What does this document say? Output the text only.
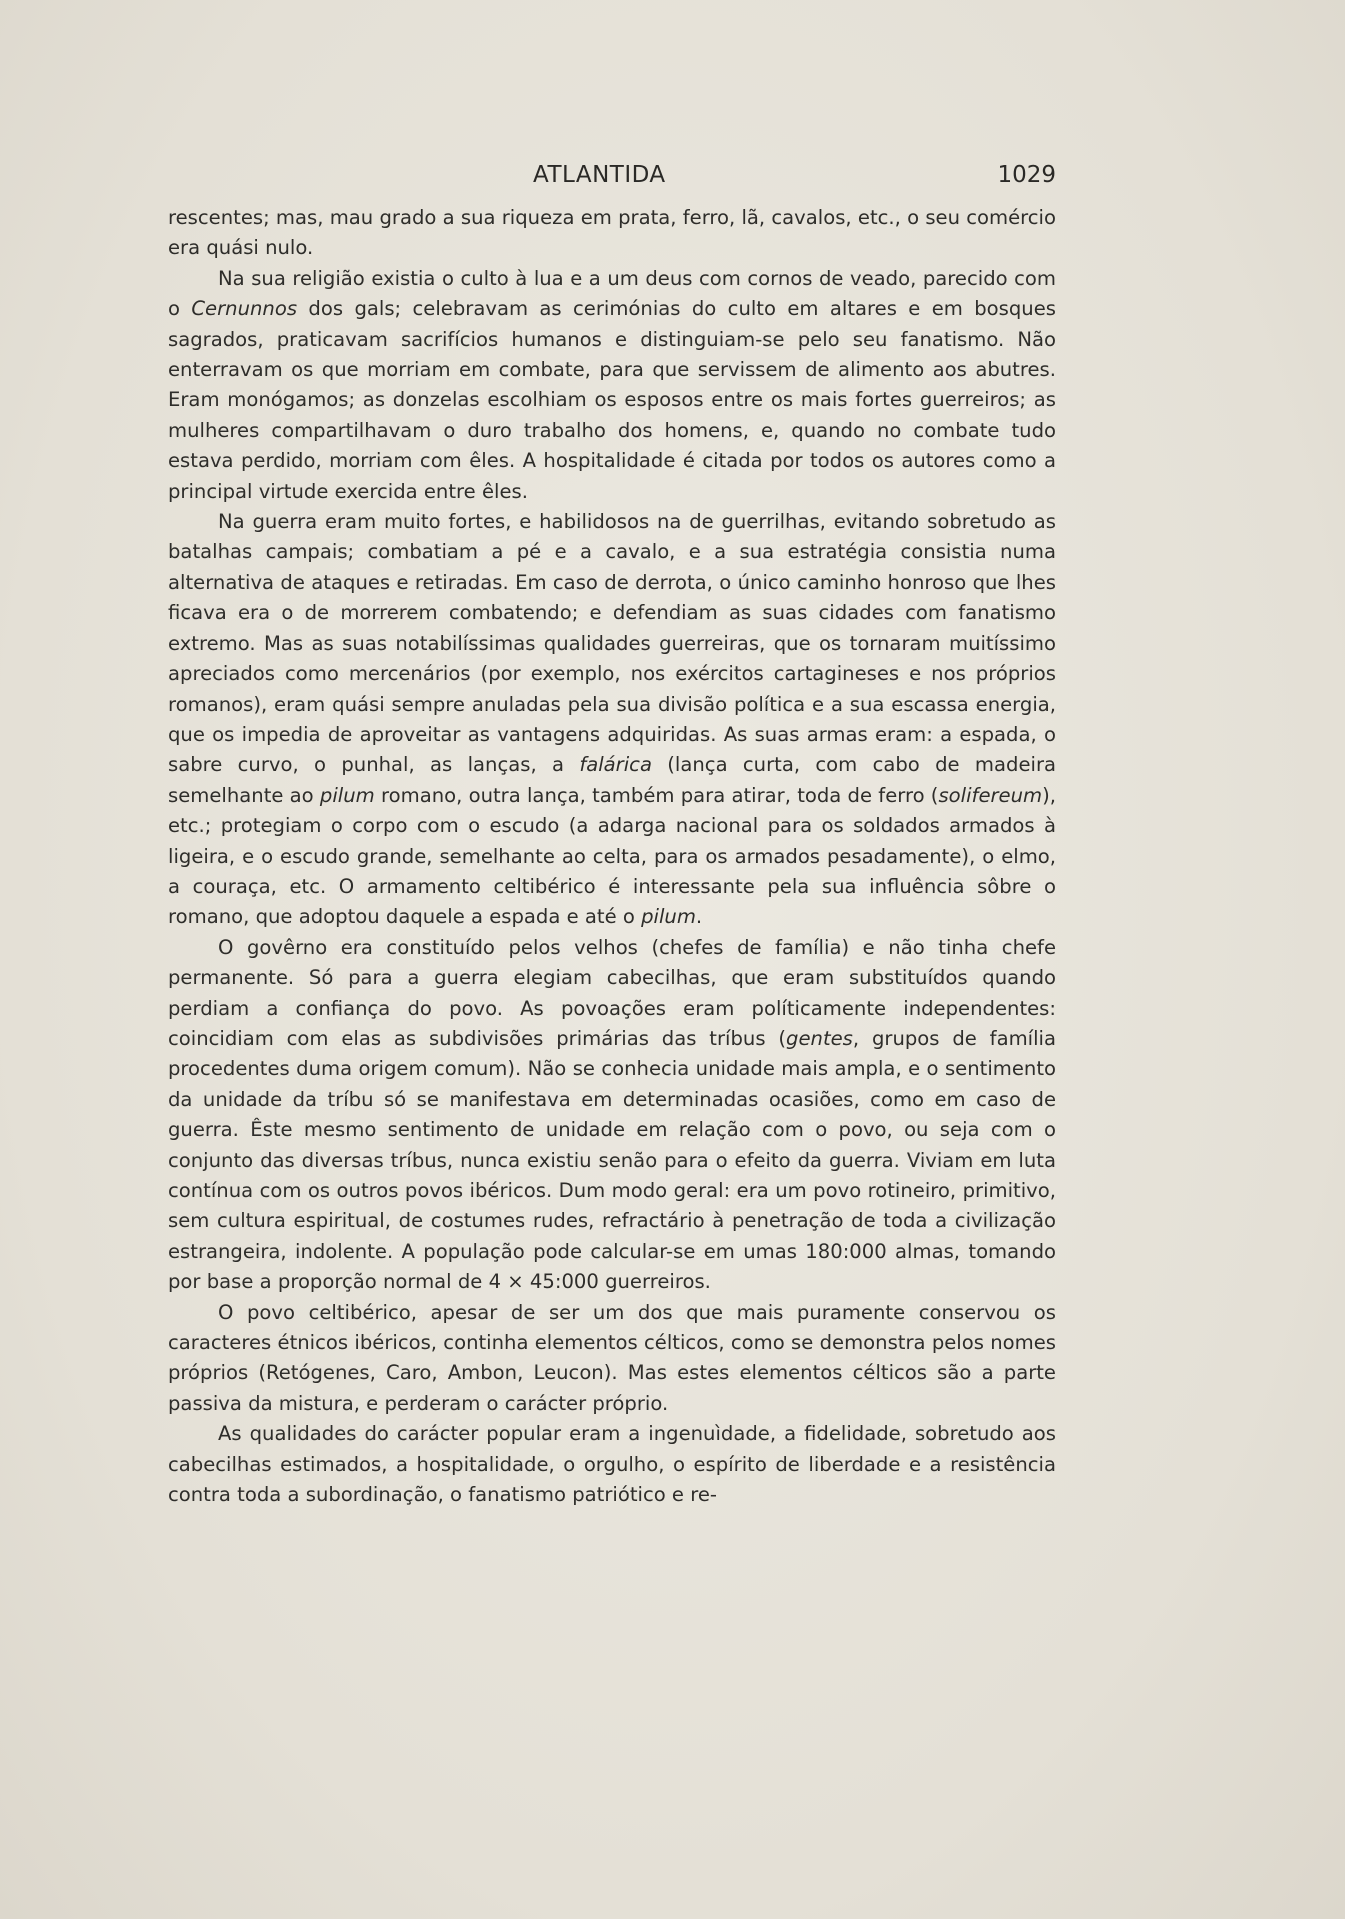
ATLANTIDA	1029

rescentes; mas, mau grado a sua riqueza em prata, ferro, lã, cavalos, etc., o seu comércio era quási nulo.

Na sua religião existia o culto à lua e a um deus com cornos de veado, parecido com o Cernunnos dos gals; celebravam as cerimónias do culto em altares e em bosques sagrados, praticavam sacrifícios humanos e distinguiam-se pelo seu fanatismo. Não enterravam os que morriam em combate, para que servissem de alimento aos abutres. Eram monógamos; as donzelas escolhiam os esposos entre os mais fortes guerreiros; as mulheres compartilhavam o duro trabalho dos homens, e, quando no combate tudo estava perdido, morriam com êles. A hospitalidade é citada por todos os autores como a principal virtude exercida entre êles.

Na guerra eram muito fortes, e habilidosos na de guerrilhas, evitando sobretudo as batalhas campais; combatiam a pé e a cavalo, e a sua estratégia consistia numa alternativa de ataques e retiradas. Em caso de derrota, o único caminho honroso que lhes ficava era o de morrerem combatendo; e defendiam as suas cidades com fanatismo extremo. Mas as suas notabilíssimas qualidades guerreiras, que os tornaram muitíssimo apreciados como mercenários (por exemplo, nos exércitos cartagineses e nos próprios romanos), eram quási sempre anuladas pela sua divisão política e a sua escassa energia, que os impedia de aproveitar as vantagens adquiridas. As suas armas eram: a espada, o sabre curvo, o punhal, as lanças, a falárica (lança curta, com cabo de madeira semelhante ao pilum romano, outra lança, também para atirar, toda de ferro (solifereum), etc.; protegiam o corpo com o escudo (a adarga nacional para os soldados armados à ligeira, e o escudo grande, semelhante ao celta, para os armados pesadamente), o elmo, a couraça, etc. O armamento celtibérico é interessante pela sua influência sôbre o romano, que adoptou daquele a espada e até o pilum.

O govêrno era constituído pelos velhos (chefes de família) e não tinha chefe permanente. Só para a guerra elegiam cabecilhas, que eram substituídos quando perdiam a confiança do povo. As povoações eram políticamente independentes: coincidiam com elas as subdivisões primárias das tríbus (gentes, grupos de família procedentes duma origem comum). Não se conhecia unidade mais ampla, e o sentimento da unidade da tríbu só se manifestava em determinadas ocasiões, como em caso de guerra. Êste mesmo sentimento de unidade em relação com o povo, ou seja com o conjunto das diversas tríbus, nunca existiu senão para o efeito da guerra. Viviam em luta contínua com os outros povos ibéricos. Dum modo geral: era um povo rotineiro, primitivo, sem cultura espiritual, de costumes rudes, refractário à penetração de toda a civilização estrangeira, indolente. A população pode calcular-se em umas 180:000 almas, tomando por base a proporção normal de 4 × 45:000 guerreiros.

O povo celtibérico, apesar de ser um dos que mais puramente conservou os caracteres étnicos ibéricos, continha elementos célticos, como se demonstra pelos nomes próprios (Retógenes, Caro, Ambon, Leucon). Mas estes elementos célticos são a parte passiva da mistura, e perderam o carácter próprio.

As qualidades do carácter popular eram a ingenuìdade, a fidelidade, sobretudo aos cabecilhas estimados, a hospitalidade, o orgulho, o espírito de liberdade e a resistência contra toda a subordinação, o fanatismo patriótico e re-
